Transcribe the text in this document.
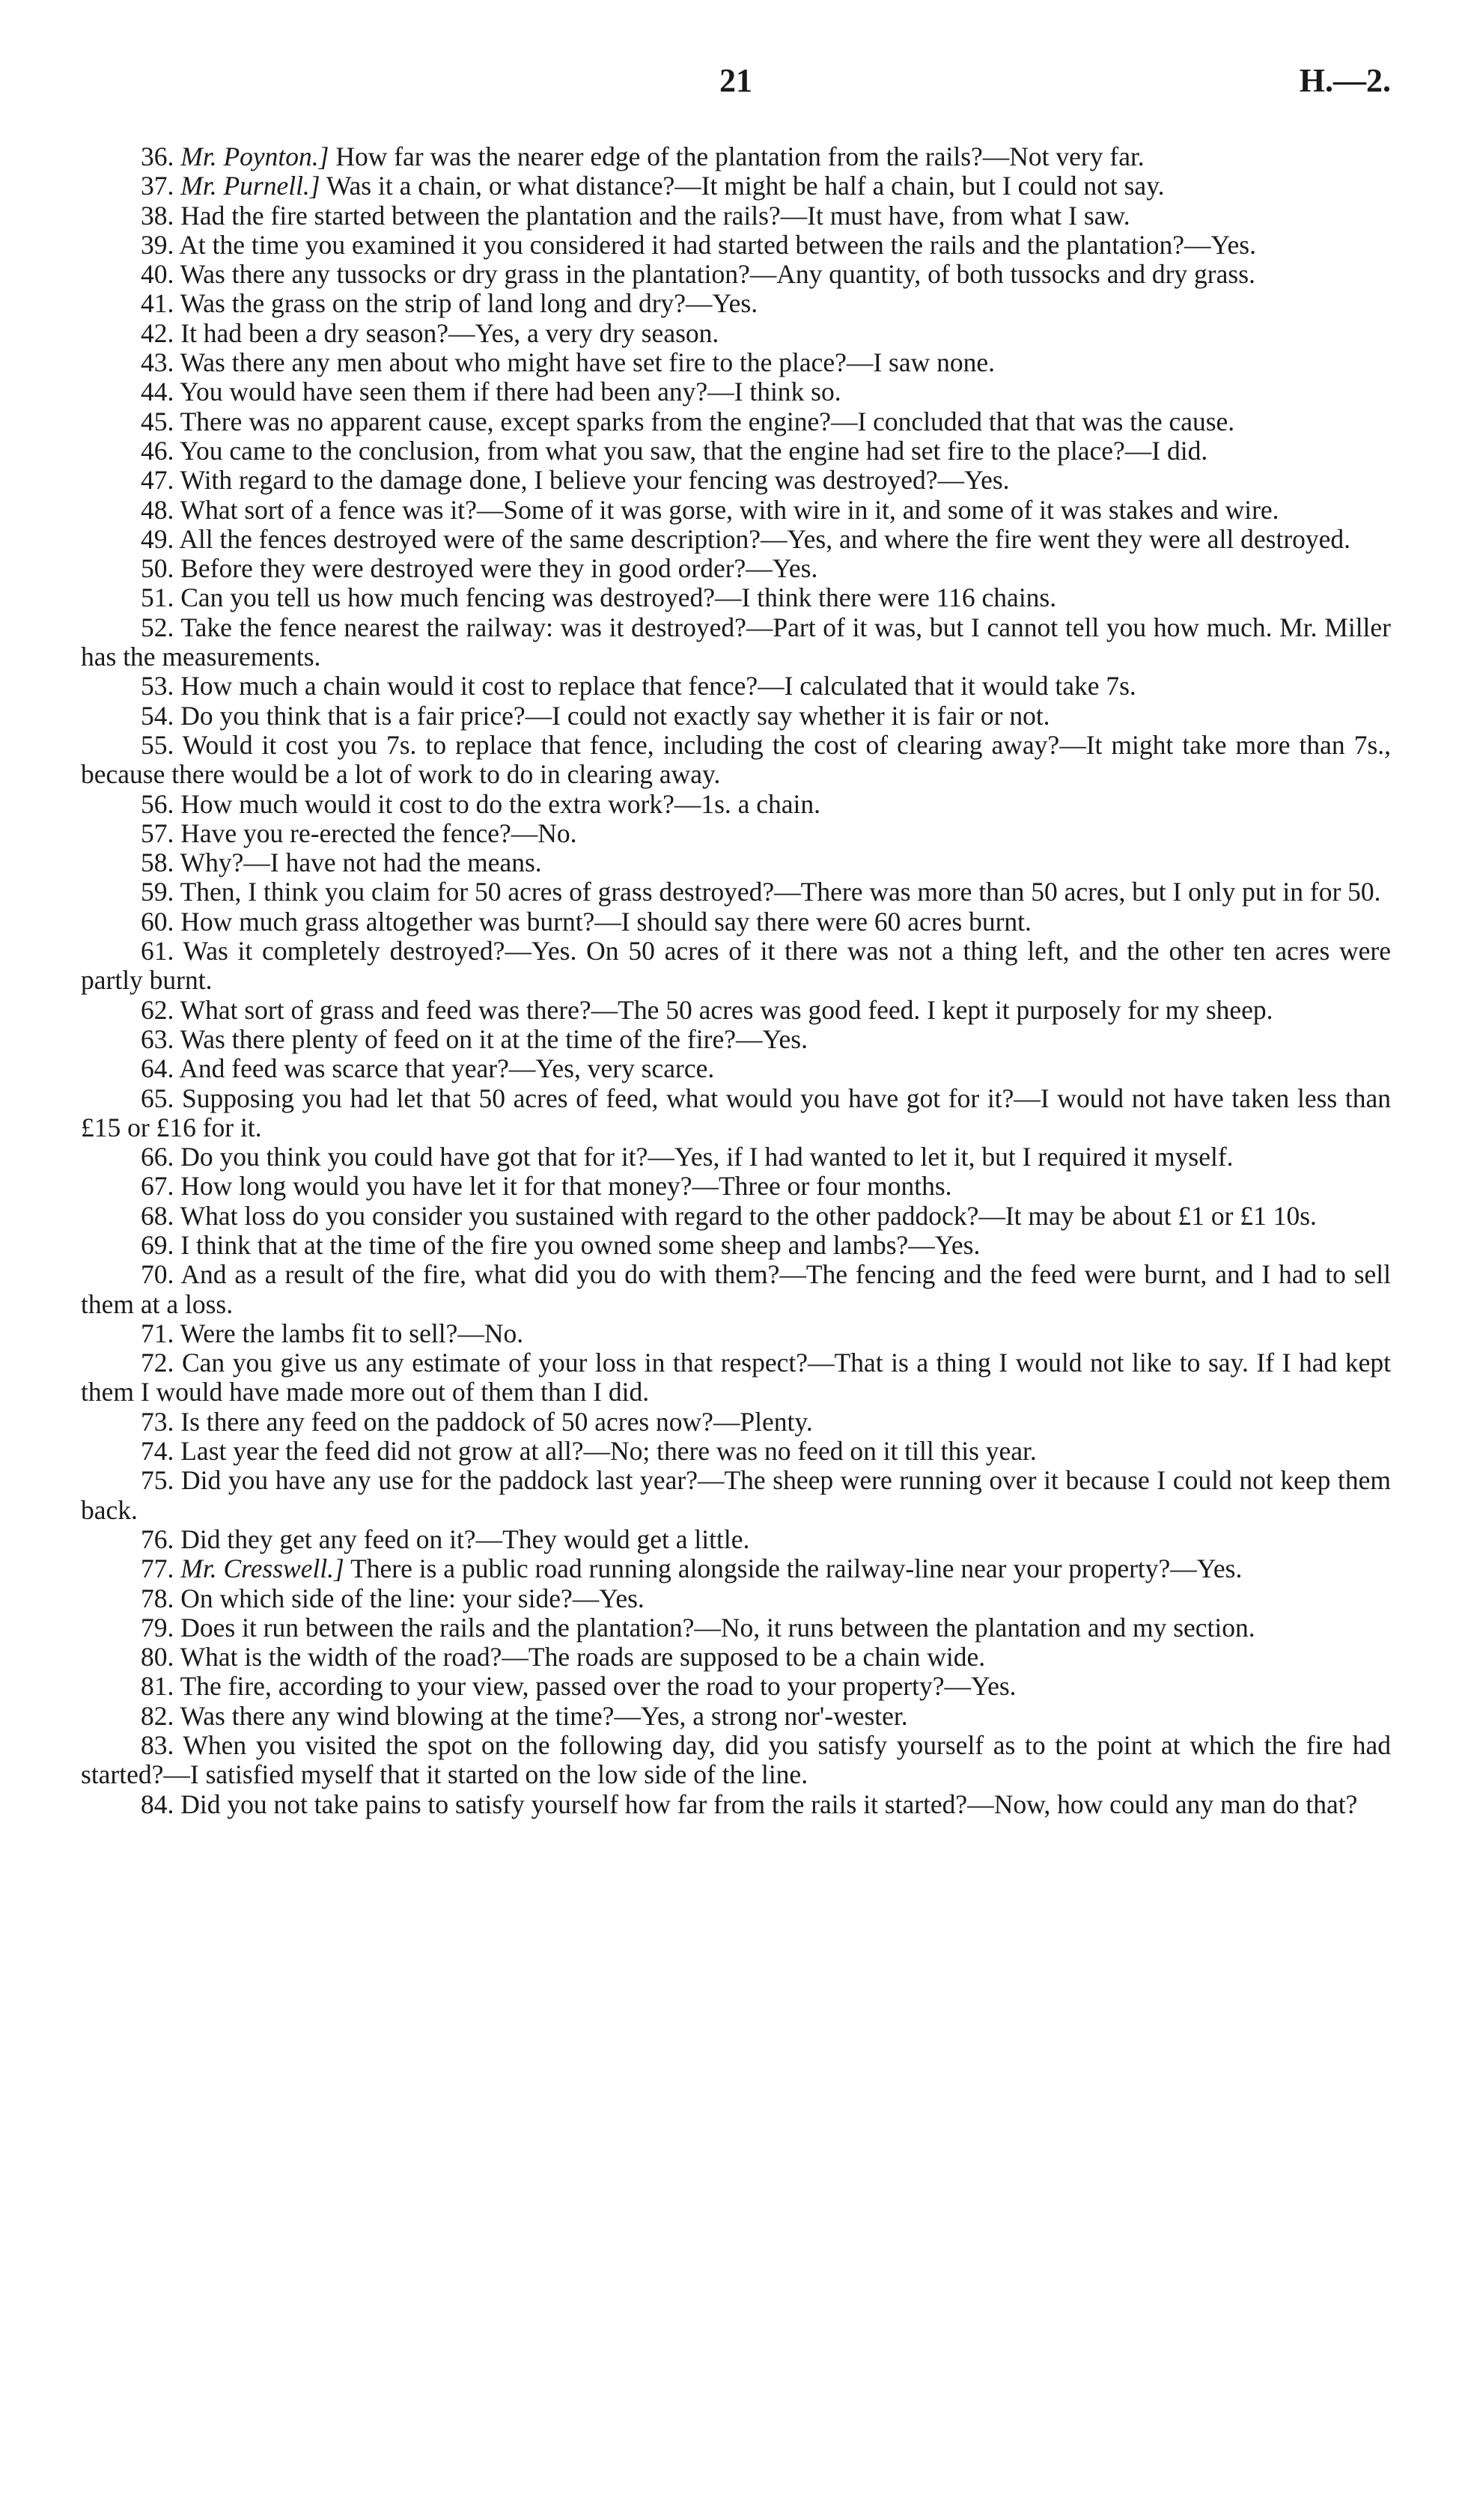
21	H.—2.

36. Mr. Poynton.] How far was the nearer edge of the plantation from the rails?—Not very far.

37. Mr. Purnell.] Was it a chain, or what distance?—It might be half a chain, but I could not say.

38. Had the fire started between the plantation and the rails?—It must have, from what I saw.

39. At the time you examined it you considered it had started between the rails and the plantation?—Yes.

40. Was there any tussocks or dry grass in the plantation?—Any quantity, of both tussocks and dry grass.

41. Was the grass on the strip of land long and dry?—Yes.

42. It had been a dry season?—Yes, a very dry season.

43. Was there any men about who might have set fire to the place?—I saw none.

44. You would have seen them if there had been any?—I think so.

45. There was no apparent cause, except sparks from the engine?—I concluded that that was the cause.

46. You came to the conclusion, from what you saw, that the engine had set fire to the place?—I did.

47. With regard to the damage done, I believe your fencing was destroyed?—Yes.

48. What sort of a fence was it?—Some of it was gorse, with wire in it, and some of it was stakes and wire.

49. All the fences destroyed were of the same description?—Yes, and where the fire went they were all destroyed.

50. Before they were destroyed were they in good order?—Yes.

51. Can you tell us how much fencing was destroyed?—I think there were 116 chains.

52. Take the fence nearest the railway: was it destroyed?—Part of it was, but I cannot tell you how much. Mr. Miller has the measurements.

53. How much a chain would it cost to replace that fence?—I calculated that it would take 7s.

54. Do you think that is a fair price?—I could not exactly say whether it is fair or not.

55. Would it cost you 7s. to replace that fence, including the cost of clearing away?—It might take more than 7s., because there would be a lot of work to do in clearing away.

56. How much would it cost to do the extra work?—1s. a chain.

57. Have you re-erected the fence?—No.

58. Why?—I have not had the means.

59. Then, I think you claim for 50 acres of grass destroyed?—There was more than 50 acres, but I only put in for 50.

60. How much grass altogether was burnt?—I should say there were 60 acres burnt.

61. Was it completely destroyed?—Yes. On 50 acres of it there was not a thing left, and the other ten acres were partly burnt.

62. What sort of grass and feed was there?—The 50 acres was good feed. I kept it purposely for my sheep.

63. Was there plenty of feed on it at the time of the fire?—Yes.

64. And feed was scarce that year?—Yes, very scarce.

65. Supposing you had let that 50 acres of feed, what would you have got for it?—I would not have taken less than £15 or £16 for it.

66. Do you think you could have got that for it?—Yes, if I had wanted to let it, but I required it myself.

67. How long would you have let it for that money?—Three or four months.

68. What loss do you consider you sustained with regard to the other paddock?—It may be about £1 or £1 10s.

69. I think that at the time of the fire you owned some sheep and lambs?—Yes.

70. And as a result of the fire, what did you do with them?—The fencing and the feed were burnt, and I had to sell them at a loss.

71. Were the lambs fit to sell?—No.

72. Can you give us any estimate of your loss in that respect?—That is a thing I would not like to say. If I had kept them I would have made more out of them than I did.

73. Is there any feed on the paddock of 50 acres now?—Plenty.

74. Last year the feed did not grow at all?—No; there was no feed on it till this year.

75. Did you have any use for the paddock last year?—The sheep were running over it because I could not keep them back.

76. Did they get any feed on it?—They would get a little.

77. Mr. Cresswell.] There is a public road running alongside the railway-line near your property?—Yes.

78. On which side of the line: your side?—Yes.

79. Does it run between the rails and the plantation?—No, it runs between the plantation and my section.

80. What is the width of the road?—The roads are supposed to be a chain wide.

81. The fire, according to your view, passed over the road to your property?—Yes.

82. Was there any wind blowing at the time?—Yes, a strong nor'-wester.

83. When you visited the spot on the following day, did you satisfy yourself as to the point at which the fire had started?—I satisfied myself that it started on the low side of the line.

84. Did you not take pains to satisfy yourself how far from the rails it started?—Now, how could any man do that?
